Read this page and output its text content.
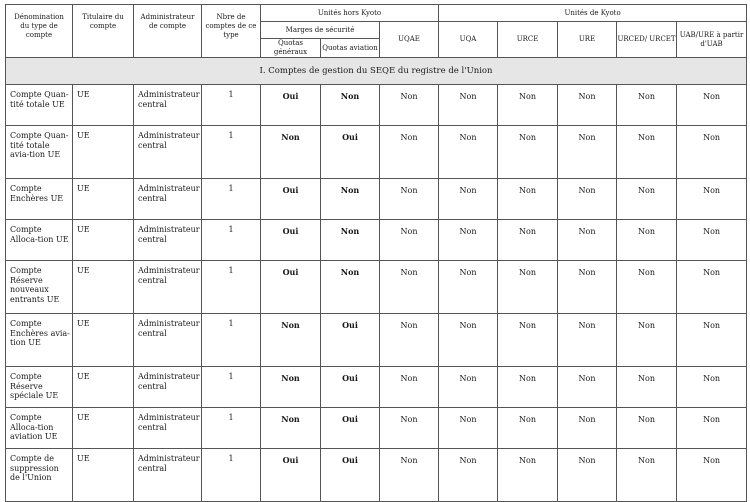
Dénomination du type de compte	Titulaire du compte	Administrateur de compte	Nbre de comptes de ce type	Unités hors Kyoto			Unités de Kyoto				
				Marges de sécurité		UQAE	UQA	URCE	URE	URCED/ URCET	UAB/URE à partir d'UAB
				Quotas généraux	Quotas aviation						
I. Comptes de gestion du SEQE du registre de l'Union											
Compte Quan-tité totale UE	UE	Administrateur central	1	Oui	Non	Non	Non	Non	Non	Non	Non
Compte Quan-tité totale avia-tion UE	UE	Administrateur central	1	Non	Oui	Non	Non	Non	Non	Non	Non
Compte Enchères UE	UE	Administrateur central	1	Oui	Non	Non	Non	Non	Non	Non	Non
Compte Alloca-tion UE	UE	Administrateur central	1	Oui	Non	Non	Non	Non	Non	Non	Non
Compte Réserve nouveaux entrants UE	UE	Administrateur central	1	Oui	Non	Non	Non	Non	Non	Non	Non
Compte Enchères avia-tion UE	UE	Administrateur central	1	Non	Oui	Non	Non	Non	Non	Non	Non
Compte Réserve spéciale UE	UE	Administrateur central	1	Non	Oui	Non	Non	Non	Non	Non	Non
Compte Alloca-tion aviation UE	UE	Administrateur central	1	Non	Oui	Non	Non	Non	Non	Non	Non
Compte de suppression de l'Union	UE	Administrateur central	1	Oui	Oui	Non	Non	Non	Non	Non	Non
